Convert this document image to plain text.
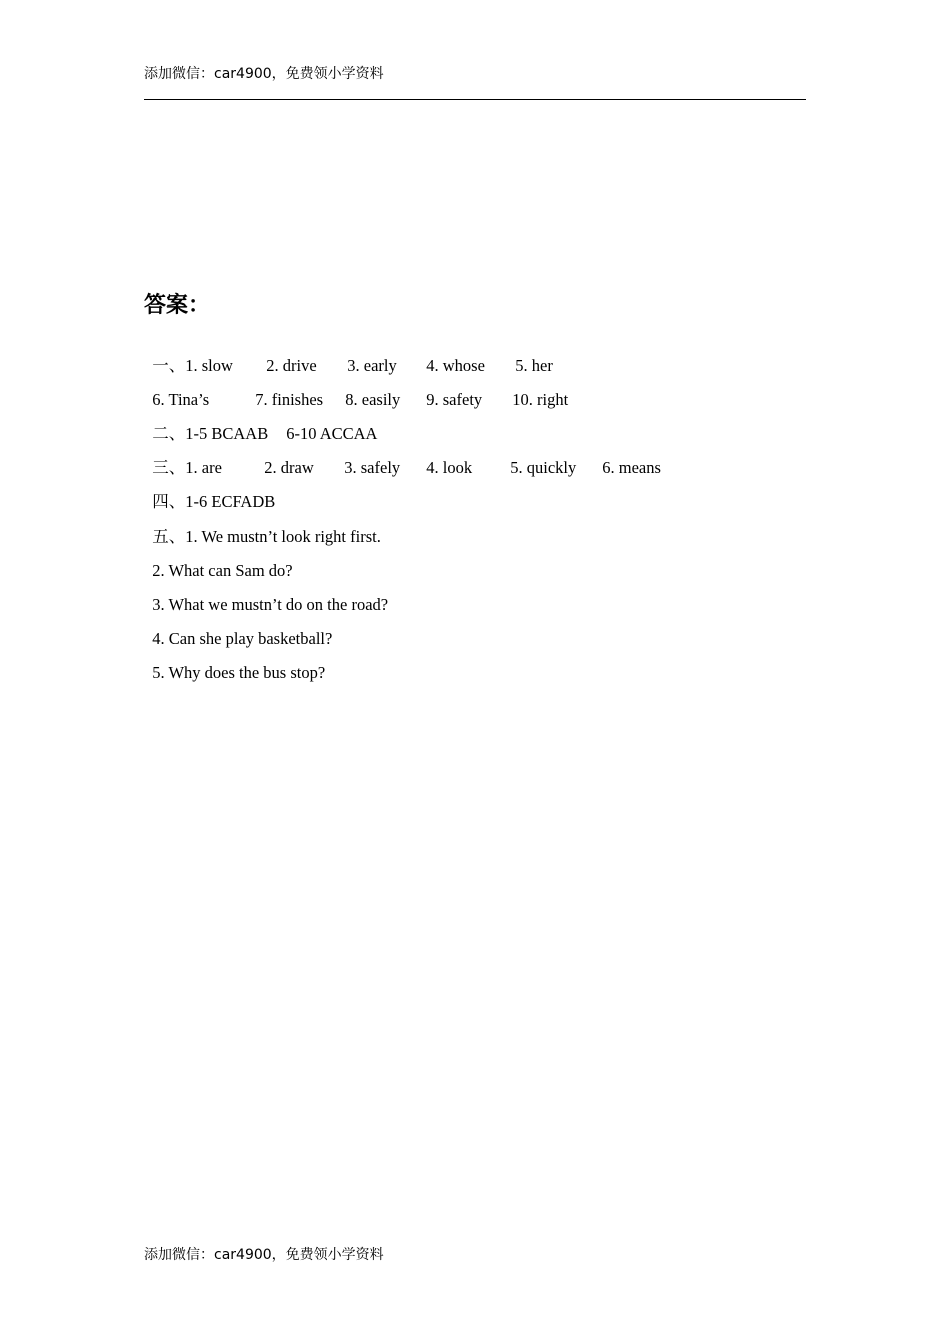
添加微信：car4900，免费领小学资料
答案：

一、1. slow 2. drive 3. early 4. whose 5. her

6. Tina’s	7. finishes 8. easily 9. safety 10. right

二、1-5 BCAAB 6-10 ACCAA

三、1. are	2. draw 3. safely 4. look 5. quickly 6. means

四、1-6 ECFADB

五、1. We mustn’t look right first.

2. What can Sam do?

3. What we mustn’t do on the road?

4. Can she play basketball?

5. Why does the bus stop?

添加微信：car4900，免费领小学资料
